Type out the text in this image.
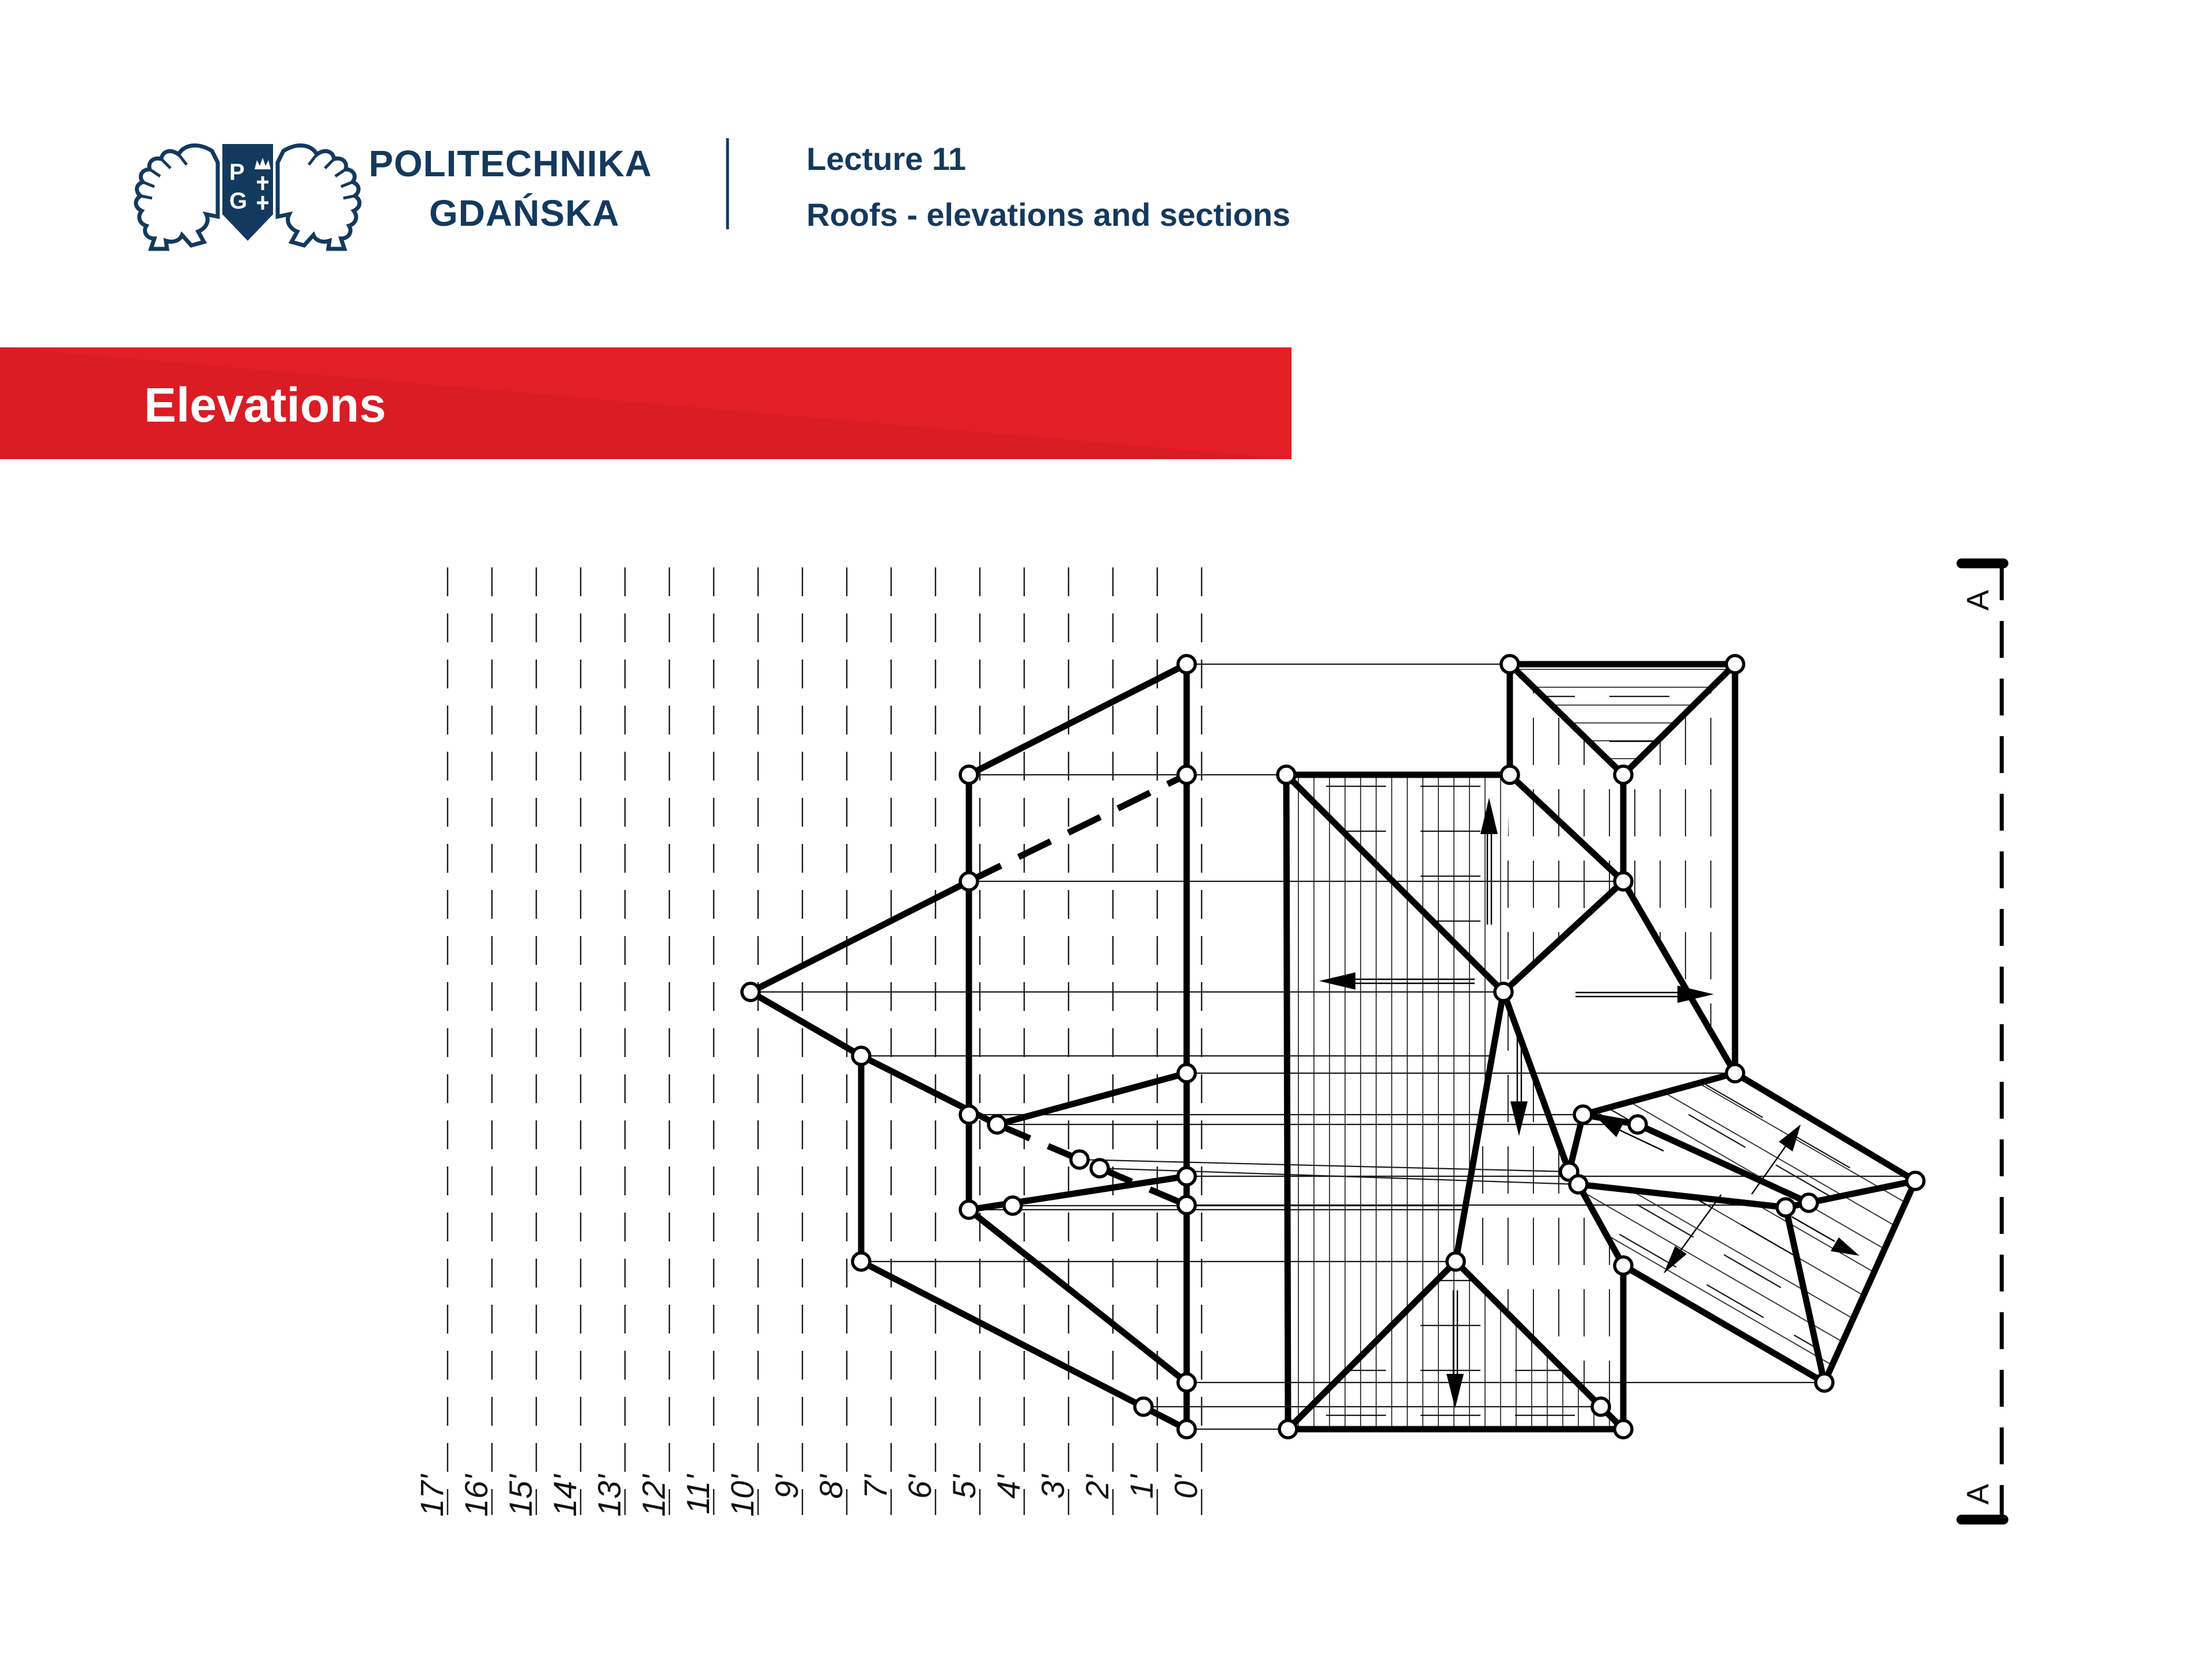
P
G
POLITECHNIKA
GDAŃSKA
Lecture 11
Roofs - elevations and sections
Elevations
17' 16' 15' 14' 13' 12' 11' 10' 9' 8' 7' 6' 5' 4' 3' 2' 1' 0'
A
A
